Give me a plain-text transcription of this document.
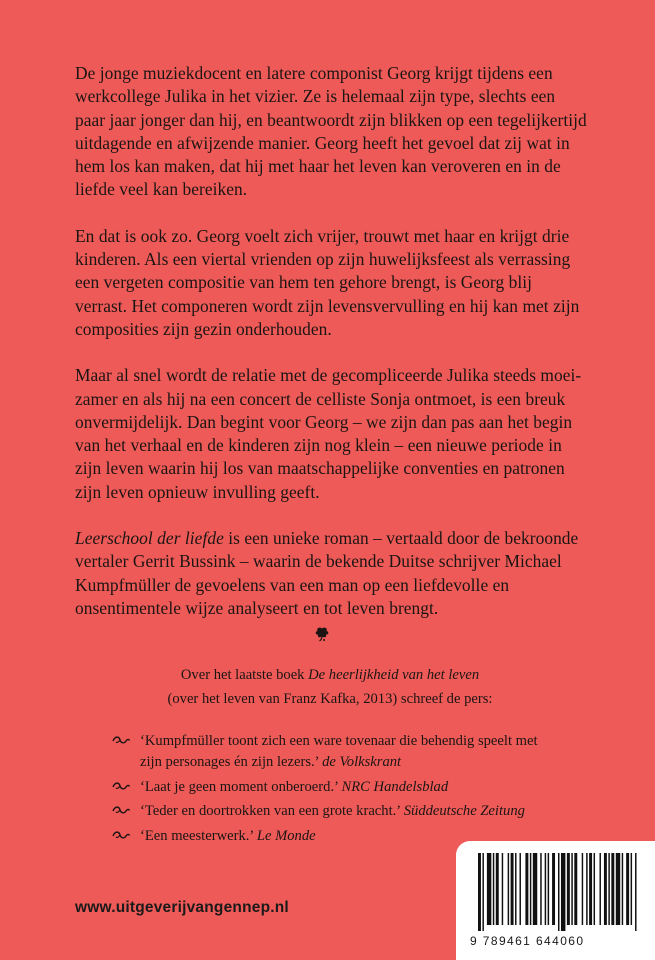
De jonge muziekdocent en latere componist Georg krijgt tijdens een werkcollege Julika in het vizier. Ze is helemaal zijn type, slechts een paar jaar jonger dan hij, en beantwoordt zijn blikken op een tegelijkertijd uitdagende en afwijzende manier. Georg heeft het gevoel dat zij wat in hem los kan maken, dat hij met haar het leven kan veroveren en in de liefde veel kan bereiken.

En dat is ook zo. Georg voelt zich vrijer, trouwt met haar en krijgt drie kinderen. Als een viertal vrienden op zijn huwelijksfeest als verrassing een vergeten compositie van hem ten gehore brengt, is Georg blij verrast. Het componeren wordt zijn levensvervulling en hij kan met zijn composities zijn gezin onderhouden.

Maar al snel wordt de relatie met de gecompliceerde Julika steeds moeizamer en als hij na een concert de celliste Sonja ontmoet, is een breuk onvermijdelijk. Dan begint voor Georg – we zijn dan pas aan het begin van het verhaal en de kinderen zijn nog klein – een nieuwe periode in zijn leven waarin hij los van maatschappelijke conventies en patronen zijn leven opnieuw invulling geeft.

Leerschool der liefde is een unieke roman – vertaald door de bekroonde vertaler Gerrit Bussink – waarin de bekende Duitse schrijver Michael Kumpfmüller de gevoelens van een man op een liefdevolle en onsentimentele wijze analyseert en tot leven brengt.

Over het laatste boek De heerlijkheid van het leven
(over het leven van Franz Kafka, 2013) schreef de pers:
‘Kumpfmüller toont zich een ware tovenaar die behendig speelt met zijn personages én zijn lezers.’ de Volkskrant
‘Laat je geen moment onberoerd.’ NRC Handelsblad
‘Teder en doortrokken van een grote kracht.’ Süddeutsche Zeitung
‘Een meesterwerk.’ Le Monde
www.uitgeverijvangennep.nl
9 789461 644060
